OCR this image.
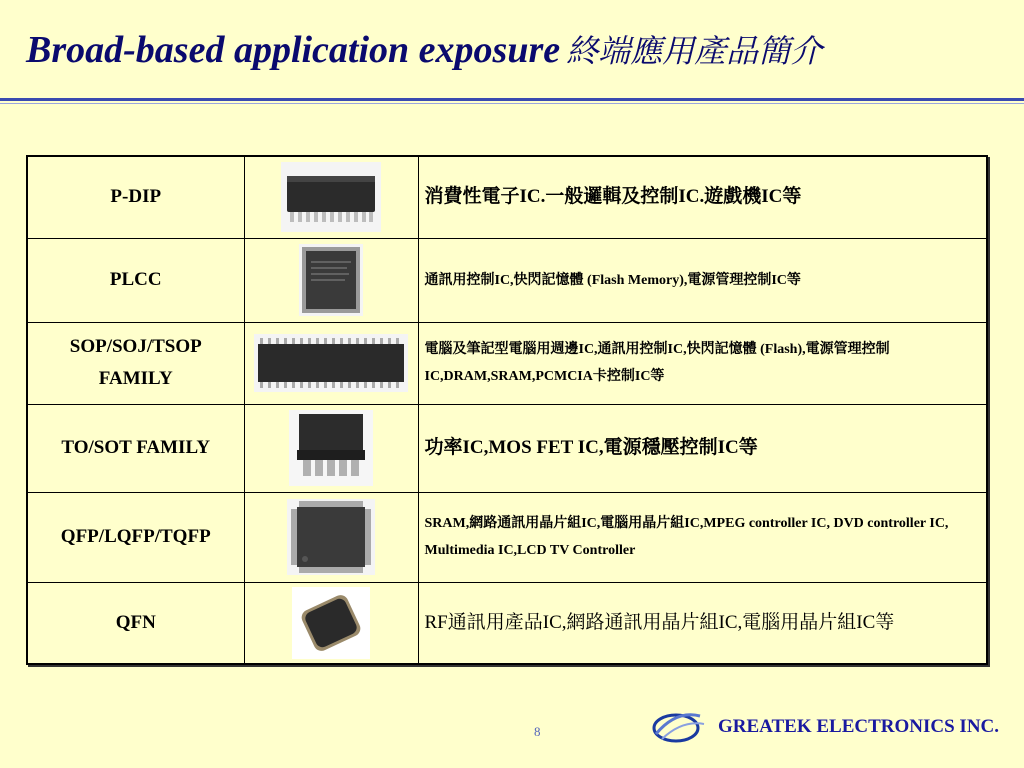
Broad-based application exposure 終端應用產品簡介
P-DIP		消費性電子IC.一般邏輯及控制IC.遊戲機IC等
PLCC		通訊用控制IC,快閃記憶體 (Flash Memory),電源管理控制IC等
SOP/SOJ/TSOP FAMILY		電腦及筆記型電腦用週邊IC,通訊用控制IC,快閃記憶體 (Flash),電源管理控制IC,DRAM,SRAM,PCMCIA卡控制IC等
TO/SOT FAMILY		功率IC,MOS FET IC,電源穩壓控制IC等
QFP/LQFP/TQFP		SRAM,網路通訊用晶片組IC,電腦用晶片組IC,MPEG controller IC, DVD controller IC, Multimedia IC,LCD TV Controller
QFN		RF通訊用產品IC,網路通訊用晶片組IC,電腦用晶片組IC等
8	GREATEK ELECTRONICS INC.
